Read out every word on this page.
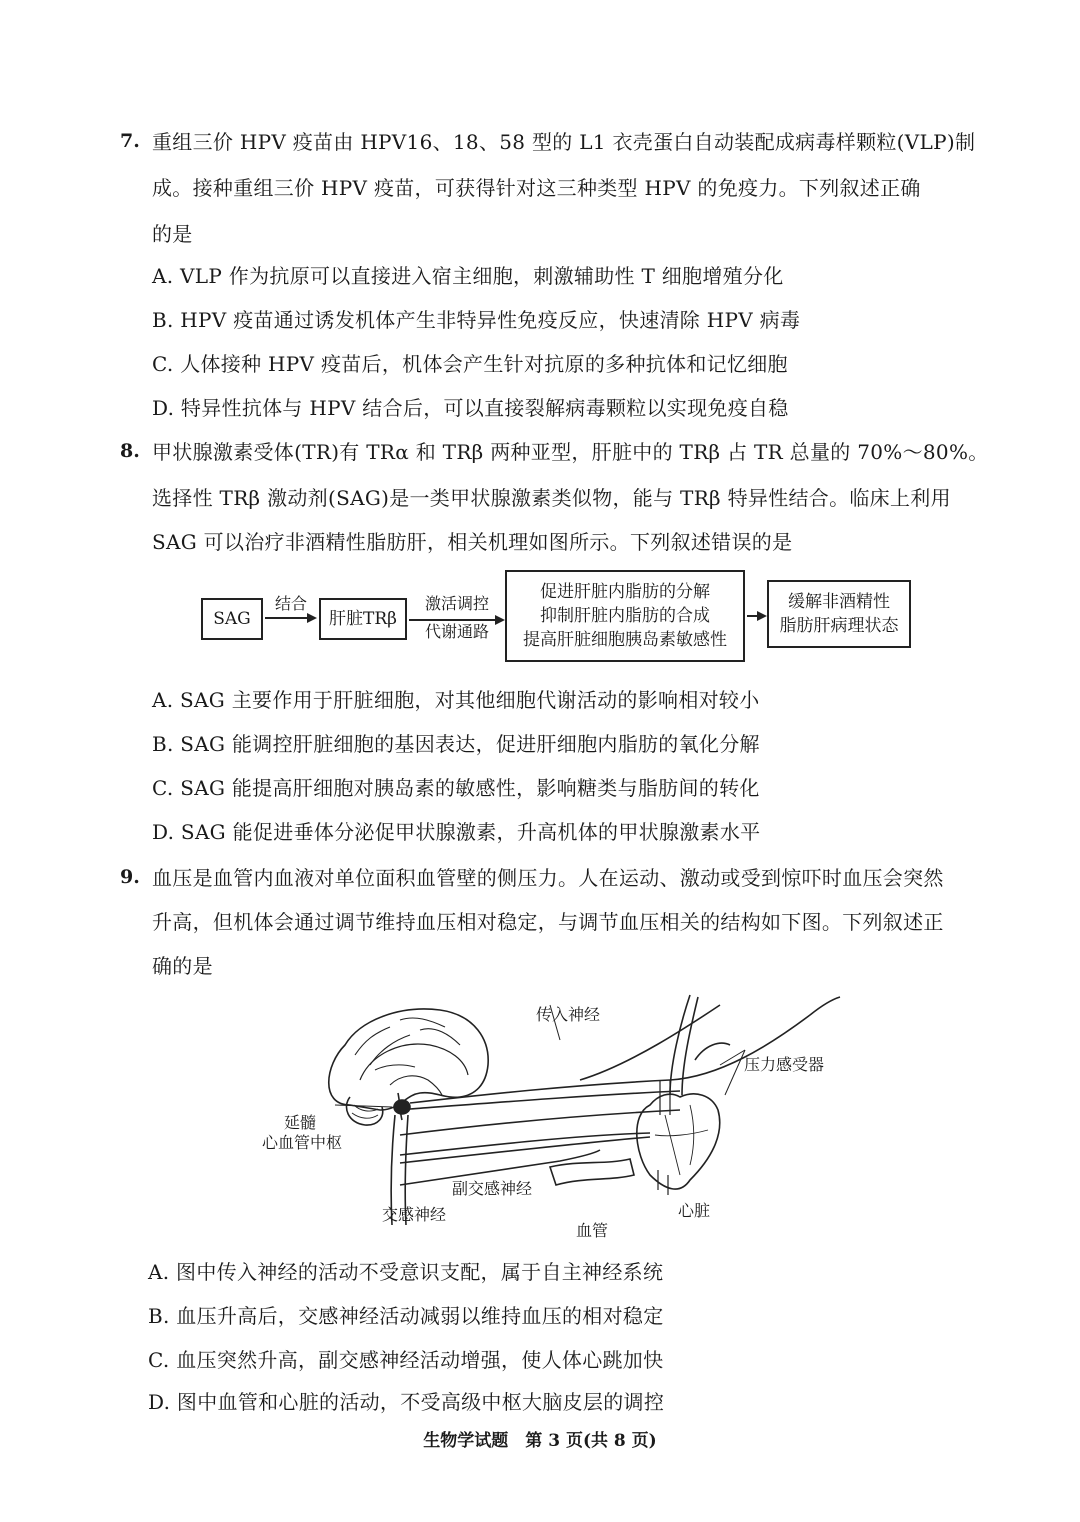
7. 重组三价 HPV 疫苗由 HPV16、18、58 型的 L1 衣壳蛋白自动装配成病毒样颗粒(VLP)制
成。接种重组三价 HPV 疫苗，可获得针对这三种类型 HPV 的免疫力。下列叙述正确
的是
A. VLP 作为抗原可以直接进入宿主细胞，刺激辅助性 T 细胞增殖分化
B. HPV 疫苗通过诱发机体产生非特异性免疫反应，快速清除 HPV 病毒
C. 人体接种 HPV 疫苗后，机体会产生针对抗原的多种抗体和记忆细胞
D. 特异性抗体与 HPV 结合后，可以直接裂解病毒颗粒以实现免疫自稳
8. 甲状腺激素受体(TR)有 TRα 和 TRβ 两种亚型，肝脏中的 TRβ 占 TR 总量的 70%～80%。
选择性 TRβ 激动剂(SAG)是一类甲状腺激素类似物，能与 TRβ 特异性结合。临床上利用
SAG 可以治疗非酒精性脂肪肝，相关机理如图所示。下列叙述错误的是
SAG
结合
肝脏TRβ
激活调控
代谢通路
促进肝脏内脂肪的分解
抑制肝脏内脂肪的合成
提高肝脏细胞胰岛素敏感性
缓解非酒精性
脂肪肝病理状态
A. SAG 主要作用于肝脏细胞，对其他细胞代谢活动的影响相对较小
B. SAG 能调控肝脏细胞的基因表达，促进肝细胞内脂肪的氧化分解
C. SAG 能提高肝细胞对胰岛素的敏感性，影响糖类与脂肪间的转化
D. SAG 能促进垂体分泌促甲状腺激素，升高机体的甲状腺激素水平
9. 血压是血管内血液对单位面积血管壁的侧压力。人在运动、激动或受到惊吓时血压会突然
升高，但机体会通过调节维持血压相对稳定，与调节血压相关的结构如下图。下列叙述正
确的是
传入神经
压力感受器
延髓
心血管中枢
副交感神经
交感神经
血管
心脏
A. 图中传入神经的活动不受意识支配，属于自主神经系统
B. 血压升高后，交感神经活动减弱以维持血压的相对稳定
C. 血压突然升高，副交感神经活动增强，使人体心跳加快
D. 图中血管和心脏的活动，不受高级中枢大脑皮层的调控
生物学试题　第 3 页(共 8 页)
